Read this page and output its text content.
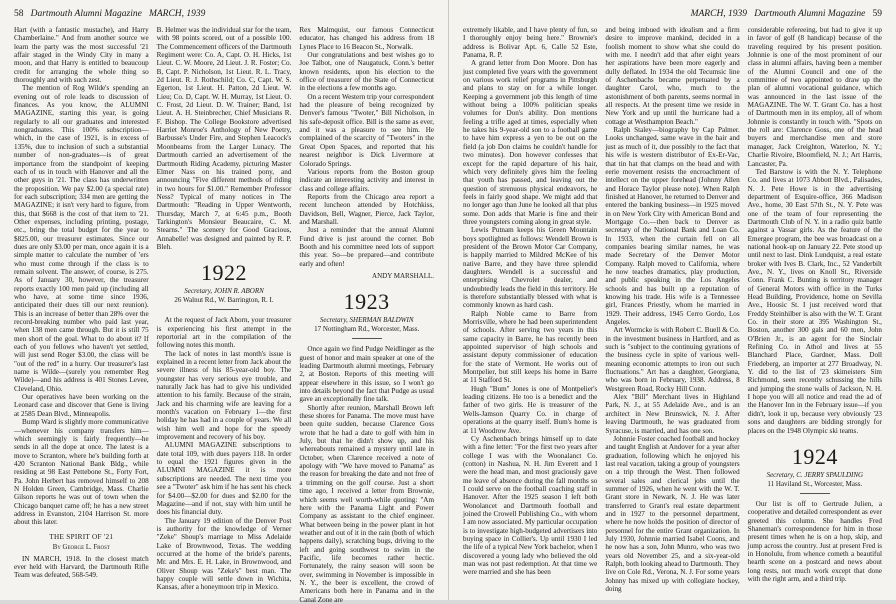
58 Dartmouth Alumni Magazine MARCH, 1939

Hart (with a fantastic mustache), and Harry Chamberlaine." And from another source we learn the party was the most successful '21 affair staged in the Windy City in many a moon, and that Harry is entitled to beaucoup credit for arranging the whole thing so thoroughly and with such zest.

The mention of Rog Wilde's spending an evening out of role leads to discussion of finances. As you know, the ALUMNI MAGAZINE, starting this year, is going regularly to all our graduates and interested nongraduates. This 100% subscription—which, in the case of 1921, is in excess of 135%, due to inclusion of such a substantial number of non-graduates—is of great importance from the standpoint of keeping each of us in touch with Hanover and all the other guys in '21. The class has underwritten the proposition. We pay $2.00 (a special rate) for each subscription; 334 men are getting the MAGAZINE; it isn't very hard to figure, from this, that $668 is the cost of that item to '21. Other expenses, including printing, postage, etc., bring the total budget for the year to $825.00, our treasurer estimates. Since our dues are only $3.00 per man, once again it is a simple matter to calculate the number of 'ers who must come through if the class is to remain solvent. The answer, of course, is 275. As of January 30, however, the treasurer reports exactly 100 men paid up (including all who have, at some time since 1936, anticipated their dues till our next reunion). This is an increase of better than 28% over the record-breaking number who paid last year, when 138 men came through. But it is still 75 men short of the goal. What to do about it? If each of you fellows who haven't yet settled, will just send Roger $3.00, the class will be "out of the red" in a hurry. Our treasurer's last name is Wilde—(surely you remember Reg Wilde)—and his address is 401 Stones Levee, Cleveland, Ohio.

Our operatives have been working on the Leonard case and discover that Gene is living at 2585 Dean Blvd., Minneapolis.

Bump Ward is slightly more communicative—whenever his company transfers him—which seemingly is fairly frequently—he sends in all the dope at once. The latest is a move to Scranton, where he's building forth at 420 Scranton National Bank Bldg., while residing at 98 East Pettebone St., Forty Fort, Pa. John Herbert has removed himself to 208 N Holden Green, Cambridge, Mass. Charlie Gilson reports he was out of town when the Chicago banquet came off; he has a new street address in Evanston, 2104 Harrison St. more about this later.

THE SPIRIT OF '21
By George L. Frost

IN MARCH, 1918. In the closest match ever held with Harvard, the Dartmouth Rifle Team was defeated, 568-549.

B. Helmer was the individual star for the team, with 98 points scored, out of a possible 100. The Commencement officers of the Dartmouth Regiment were: Co. A, Capt. O. H. Hicks, 1st Lieut. C. W. Moore, 2d Lieut. J. R. Foster; Co. B, Capt. P. Nicholson, 1st Lieut. R. L. Tracy, 2d Lieut. R. J. Rothschild; Co. C, Capt. W. S. Egerton, 1st Lieut. H. Patton, 2d Lieut. W. Lieu; Co. D, Capt. W. H. Murray, 1st Lieut. O. C. Frost, 2d Lieut. D. W. Trainer; Band, 1st Lieut. A. H. Steinbrecher, Chief Musicians R. F. Bishop. The College Bookstore advertised Harriet Monroe's Anthology of New Poetry, Barbusse's Under Fire, and Stephen Leacock's Moonbeams from the Larger Lunacy. The Dartmouth carried an advertisement of the Dartmouth Riding Academy, picturing Master Elmer Nass on his trained pony, and announcing "Five different methods of riding in two hours for $1.00." Remember Professor Ness? Typical of many notices in The Dartmouth: "Reading in Upper Wentworth, Thursday, March 7, at 6:45 p.m., Booth Tarkington's Monsieur Beaucaire, C. M. Stearns." The scenery for Good Gracious, Annabelle! was designed and painted by R. P. Bleh.

1922
Secretary, JOHN R. ABORN
26 Walnut Rd., W. Barrington, R. I.

At the request of Jack Aborn, your treasurer is experiencing his first attempt in the reportorial art in the compilation of the following notes this month.

The lack of notes in last month's issue is explained in a recent letter from Jack about the severe illness of his 85-year-old boy. The youngster has very serious eye trouble, and naturally Jack has had to give his undivided attention to his family. Because of the strain, Jack and his charming wife are leaving for a month's vacation on February 1—the first holiday he has had in a couple of years. We all wish him well and hope for the speedy improvement and recovery of his boy.

ALUMNI MAGAZINE subscriptions to date total 109, with dues payers 118. In order to equal the 1921 figures given in the ALUMNI MAGAZINE it is more subscriptions are needed. The next time you see a "Twoter" ask him if he has sent his check for $4.00—$2.00 for dues and $2.00 for the Magazine—and if not, stay with him until he does his financial duty.

The January 19 edition of the Denver Post is authority for the knowledge of Verner "Zeke" Shoup's marriage to Miss Adelaide Lake of Brownwood, Texas. The wedding occurred at the home of the bride's parents, Mr. and Mrs. E. H. Lake, in Brownwood, and Oliver Shoup was "Zeke's" best man. The happy couple will settle down in Wichita, Kansas, after a honeymoon trip in Mexico.

Rex Malmquist, our famous Connecticut educator, has changed his address from 18 Lynes Place to 16 Beacon St., Norwalk.

Our congratulations and best wishes go to Joe Talbot, one of Naugatuck, Conn.'s better known residents, upon his election to the office of treasurer of the State of Connecticut in the elections a few months ago.

On a recent Western trip your correspondent had the pleasure of being recognized by Denver's famous "Twoter," Bill Nicholson, in his safe-deposit office. Bill is the same as ever, and it was a pleasure to see him. He complained of the scarcity of "Twoters" in the Great Open Spaces, and reported that his nearest neighbor is Dick Livermore at Colorado Springs.

Various reports from the Boston group indicate an interesting activity and interest in class and college affairs.

Reports from the Chicago area report a recent luncheon attended by Hotchkiss, Davidson, Bell, Wagner, Pierce, Jack Taylor, and Marshall.

Just a reminder that the annual Alumni Fund drive is just around the corner. Bob Booth and his committee need lots of support this year. So—be prepared—and contribute early and often!

ANDY MARSHALL.
1923
Secretary, SHERMAN BALDWIN
17 Nottingham Rd., Worcester, Mass.

Once again we find Pudge Neidlinger as the guest of honor and main speaker at one of the leading Dartmouth alumni meetings, February 2, at Boston. Reports of this meeting will appear elsewhere in this issue, so I won't go into details beyond the fact that Pudge as usual gave an exceptionally fine talk.

Shortly after reunion, Marshall Brown left these shores for Panama. The move must have been quite sudden, because Clarence Goss wrote that he had a date to golf with him in July, but that he didn't show up, and his whereabouts remained a mystery until late in October, when Clarence received a note of apology with "We have moved to Panama" as the reason for breaking the date and not free of a trimming on the golf course. Just a short time ago, I received a letter from Brownie, which seems well worth-while quoting: "Am here with the Panama Light and Power Company as assistant to the chief engineer. What between being in the power plant in hot weather and out of it in the rain (both of which happens daily), scratching bugs, driving to the left and going southwest to swim in the Pacific, life becomes rather hectic. Fortunately, the rainy season will soon be over, swimming in November is impossible in N. Y., the beer is excellent, the crowd of Americans both here in Panama and in the Canal Zone are

MARCH, 1939 Dartmouth Alumni Magazine 59

extremely likable, and I have plenty of fun, so I thoroughly enjoy being here." Brownie's address is Bolivar Apt. 6, Calle 52 Este, Panama, R. P.

A grand letter from Don Moore. Don has just completed five years with the government on various work relief programs in Pittsburgh and plans to stay on for a while longer. Keeping a government job this length of time without being a 100% politician speaks volumes for Don's ability. Don mentions feeling a trifle aged at times, especially when he takes his 9-year-old son to a football game to have him express a yen to be out on the field (a job Don claims he couldn't handle for two minutes). Don however confesses that except for the rapid departure of his hair, which very definitely gives him the feeling that youth has passed, and leaving out the question of strenuous physical endeavors, he feels in fairly good shape. We might add that no longer ago than June he looked all that plus some. Don adds that Marie is fine and their three youngsters coming along in great style.

Lewis Putnam keeps his Green Mountain boys spotlighted as follows: Wendell Brown is president of the Brown Motor Car Company, is happily married to Mildred McKee of his native Barre, and they have three splendid daughters. Wendell is a successful and enterprising Chevrolet dealer, and undoubtedly leads the field in this territory. He is therefore substantially blessed with what is commonly known as hard cash.

Ralph Noble came to Barre from Morrisville, where he had been superintendent of schools. After serving two years in this same capacity in Barre, he has recently been appointed supervisor of high schools and assistant deputy commissioner of education for the state of Vermont. He works out of Montpelier, but still keeps his home in Barre at 11 Stafford St.

Hugh "Bum" Jones is one of Montpelier's leading citizens. He too is a benedict and the father of two girls. He is treasurer of the Wells-Jamson Quarry Co. in charge of operations at the quarry itself. Bum's home is at 11 Woodrow Ave.

Cy Aschenbach brings himself up to date with a fine letter: "For the first two years after college I was with the Woonalanct Co. (cotton) in Nashua, N. H. Jim Everett and I were the head man, and most graciously gave me leave of absence during the fall months so I could serve on the football coaching staff in Hanover. After the 1925 season I left both Wonolancet and Dartmouth football and joined the Crowell Publishing Co., with whom I am now associated. My particular occupation is to investigate high-budgeted advertisers into buying space in Collier's. Up until 1930 I led the life of a typical New York bachelor, when I discovered a young lady who believed the old man was not past redemption. At that time we were married and she has been

and being imbued with idealism and a firm desire to improve mankind, decided in a foolish moment to show what she could do with me. I needn't add that after eight years her aspirations have been more eagerly and dully deflated. In 1934 the old Tecumsic line of Aschenbachs became perpetuated by a daughter Carol, who, much to the astonishment of both parents, seems normal in all respects. At the present time we reside in New York and up until the hurricane had a cottage at Westhampton Beach."

Ralph Staley—biography by Cap Palmer. Looks unchanged, same wave in the hair and just as much of it, due possibly to the fact that his wife is western distributor of Ex-Er-Vac, that tin hat that clamps on the head and with eerie movement resists the encroachment of intellect on the upper forehead (Johnny Allen and Horace Taylor please note). When Ralph finished at Hanover, he returned to Denver and entered the banking business—in 1925 moved in on New York City with American Bond and Mortgage Co.—then back to Denver as secretary of the National Bank and Loan Co. In 1933, when the curtain fell on all companies bearing similar names, he was made Secretary of the Denver Motor Company. Ralph moved to California, where he now teaches dramatics, play production, and public speaking in the Los Angeles schools and has built up a reputation of knowing his trade. His wife is a Tennessee girl, Frances Priestly, whom he married in 1929. Their address, 1945 Cerro Gordo, Los Angeles.

Art Wormcke is with Robert C. Buell & Co. in the investment business in Hartford, and as such is "subject to the continuing gyrations of the business cycle in spite of various well-meaning economic attempts to iron out such fluctuations." Art has a daughter, Georgiana, who was born in February, 1938. Address, 8 Westgreen Road, Rocky Hill Conn.

Alex "Bill" Merchant lives in Highland Park, N. J., at 55 Adelaide Ave., and is an architect in New Brunswick, N. J. After leaving Dartmouth, he was graduated from Syracuse, is married, and has one son.

Johnnie Foster coached football and hockey and taught English at Andover for a year after graduation, following which he enjoyed his last real vacation, taking a group of youngsters on a trip through the West. Then followed several sales and clerical jobs until the summer of 1926, when he went with the W. T. Grant store in Newark, N. J. He was later transferred to Grant's real estate department and in 1927 to the personnel department, where he now holds the position of director of personnel for the entire Grant organization. In July 1930, Johnnie married Isabel Coons, and he now has a son, John Munro, who was two years old November 25, and a six-year-old Ralph, both looking ahead to Dartmouth. They live on Cole Rd., Verona, N. J. For some years Johnny has mixed up with collegiate hockey, doing

considerable refereeing, but had to give it up in favor of golf (8 handicap) because of the traveling required by his present position. Johnnie is one of the most prominent of our class in alumni affairs, having been a member of the Alumni Council and one of the committee of two appointed to draw up the plan of alumni vocational guidance, which was announced in the last issue of the MAGAZINE. The W. T. Grant Co. has a host of Dartmouth men in its employ, all of whom Johnnie is constantly in touch with. "Spots on the roll are: Clarence Goss, one of the head buyers and merchandise men and store manager, Jack Creighton, Waterloo, N. Y.; Charlie Rivoire, Bloomfield, N. J.; Art Harris, Lancaster, Pa.

Ted Barstow is with the N. Y. Telephone Co. and lives at 1073 Abbott Blvd., Palisades, N. J. Pete Howe is in the advertising department of Esquire-office, 366 Madison Ave., home, 30 East 57th St., N. Y. Pete was one of the team of four representing the Dartmouth Club of N. Y. in a radio quiz battle against a Vassar girls. As the feature of the Emergee program, the bee was broadcast on a national hook-up on January 22. Pete stood up until next to last. Dink Lundquist, a real estate broker with Ives B. Clark, Inc., 52 Vanderbilt Ave., N. Y., lives on Knoll St., Riverside Conn. Frank C. Bunting is territory manager of General Motors with office in the Turks Head Building, Providence, home on Sevilla Ave., Hoosic St. I just received word that Freddy Steinhilber is also with the W. T. Grant Co. in their store at 395 Washington St., Boston, another 300 gals and 60 men, John O'Brien Jr., is an agent for the Sinclair Refining Co. in Athol and lives at 55 Blanchard Place, Gardner, Mass. Doll Friedeberg, an importer at 277 Broadway, N. Y. did to the list of '23 skimeisters Sim Richmond, seen recently schussing the hills and jumping the stone walls of Jackson, N. H. I hope you will all notice and read the ad of the Hanover Inn in the February issue—if you didn't, look it up, because very obviously '23 sons and daughters are bidding strongly for places on the 1948 Olympic ski teams.

1924
Secretary, C. JERRY SPAULDING
11 Haviland St., Worcester, Mass.

Our list is off to Gertrude Julien, a cooperative and detailed correspondent as ever greeted this column. She handles Fred Shaneman's correspondence for him in those present times when he is on a hop, skip, and jump across the country. Just at present Fred is in Honolulu, from whence cometh a beautiful hearth scene on a postcard and news about long rests, not much work except that done with the right arm, and a third trip.
